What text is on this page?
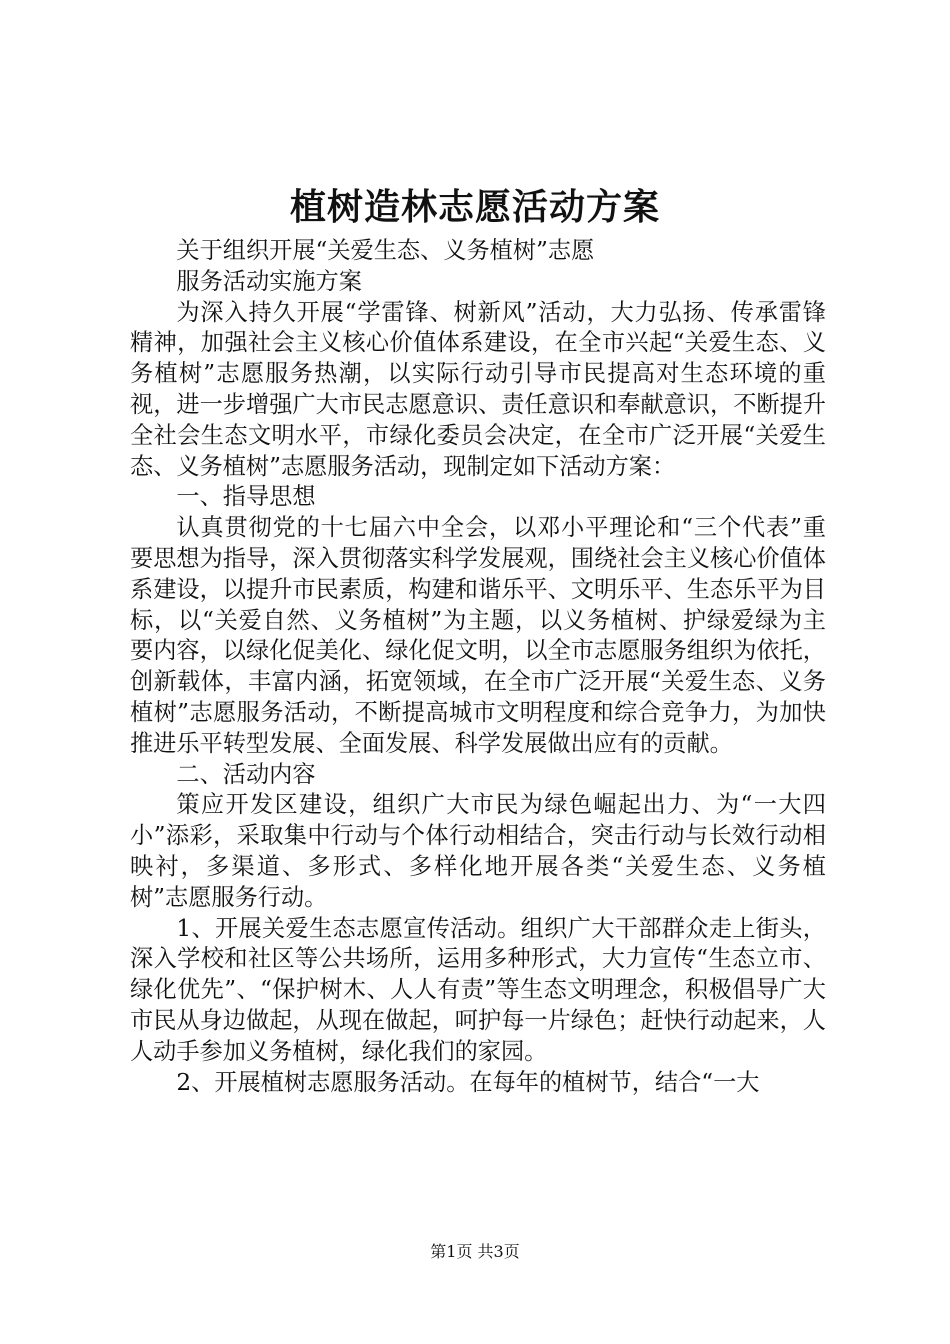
植树造林志愿活动方案

关于组织开展“关爱生态、义务植树”志愿

服务活动实施方案

为深入持久开展“学雷锋、树新风”活动，大力弘扬、传承雷锋精神，加强社会主义核心价值体系建设，在全市兴起“关爱生态、义务植树”志愿服务热潮，以实际行动引导市民提高对生态环境的重视，进一步增强广大市民志愿意识、责任意识和奉献意识，不断提升全社会生态文明水平，市绿化委员会决定，在全市广泛开展“关爱生态、义务植树”志愿服务活动，现制定如下活动方案：

一、指导思想

认真贯彻党的十七届六中全会，以邓小平理论和“三个代表”重要思想为指导，深入贯彻落实科学发展观，围绕社会主义核心价值体系建设，以提升市民素质，构建和谐乐平、文明乐平、生态乐平为目标，以“关爱自然、义务植树”为主题，以义务植树、护绿爱绿为主要内容，以绿化促美化、绿化促文明，以全市志愿服务组织为依托，创新载体，丰富内涵，拓宽领域，在全市广泛开展“关爱生态、义务植树”志愿服务活动，不断提高城市文明程度和综合竞争力，为加快推进乐平转型发展、全面发展、科学发展做出应有的贡献。

二、活动内容

策应开发区建设，组织广大市民为绿色崛起出力、为“一大四小”添彩，采取集中行动与个体行动相结合，突击行动与长效行动相映衬，多渠道、多形式、多样化地开展各类“关爱生态、义务植树”志愿服务行动。

1、开展关爱生态志愿宣传活动。组织广大干部群众走上街头，深入学校和社区等公共场所，运用多种形式，大力宣传“生态立市、绿化优先”、“保护树木、人人有责”等生态文明理念，积极倡导广大市民从身边做起，从现在做起，呵护每一片绿色；赶快行动起来，人人动手参加义务植树，绿化我们的家园。

2、开展植树志愿服务活动。在每年的植树节，结合“一大

第1页 共3页
